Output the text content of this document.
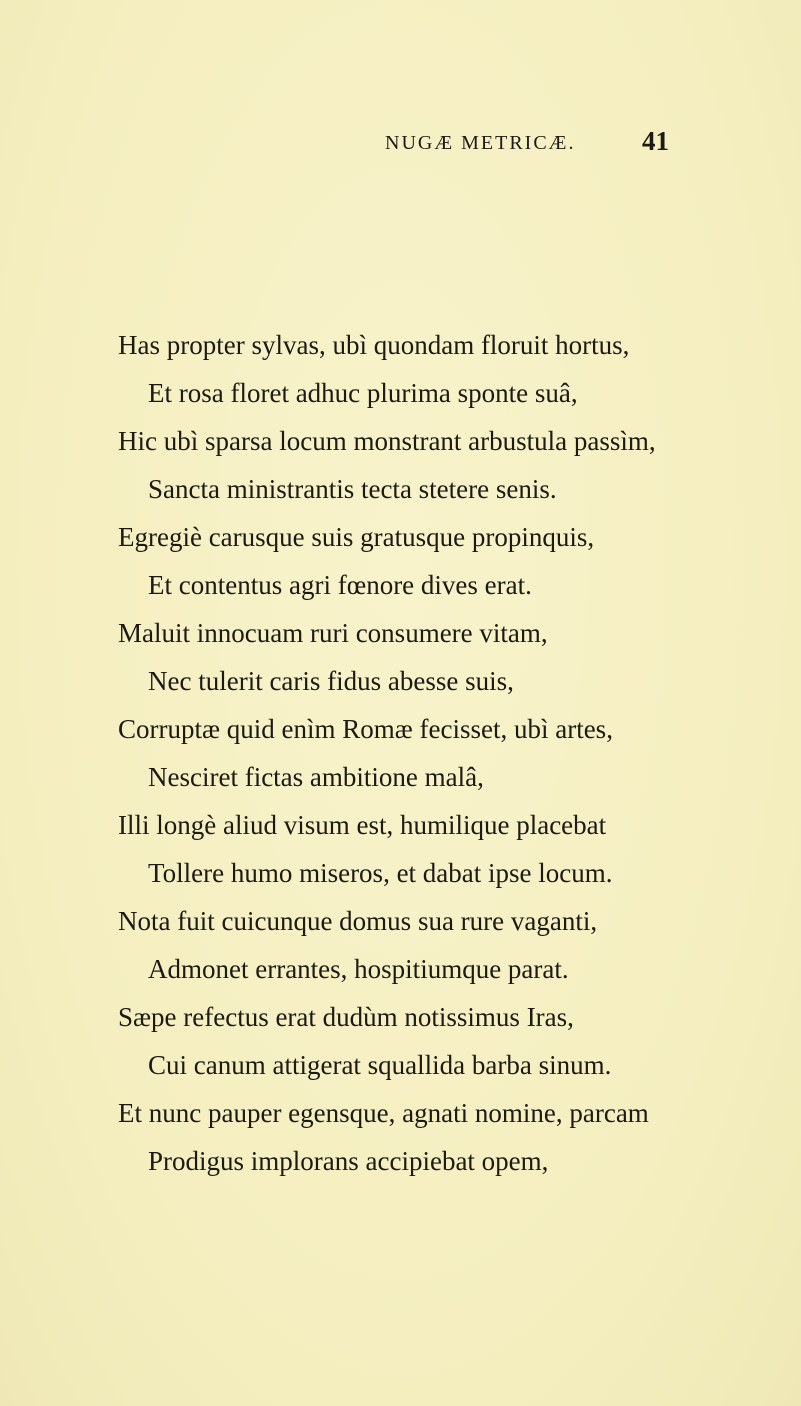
NUGÆ METRICÆ. 41
Has propter sylvas, ubì quondam floruit hortus,
Et rosa floret adhuc plurima sponte suâ,
Hic ubì sparsa locum monstrant arbustula passìm,
Sancta ministrantis tecta stetere senis.
Egregiè carusque suis gratusque propinquis,
Et contentus agri fœnore dives erat.
Maluit innocuam ruri consumere vitam,
Nec tulerit caris fidus abesse suis,
Corruptæ quid enìm Romæ fecisset, ubì artes,
Nesciret fictas ambitione malâ,
Illi longè aliud visum est, humilique placebat
Tollere humo miseros, et dabat ipse locum.
Nota fuit cuicunque domus sua rure vaganti,
Admonet errantes, hospitiumque parat.
Sæpe refectus erat dudùm notissimus Iras,
Cui canum attigerat squallida barba sinum.
Et nunc pauper egensque, agnati nomine, parcam
Prodigus implorans accipiebat opem,
